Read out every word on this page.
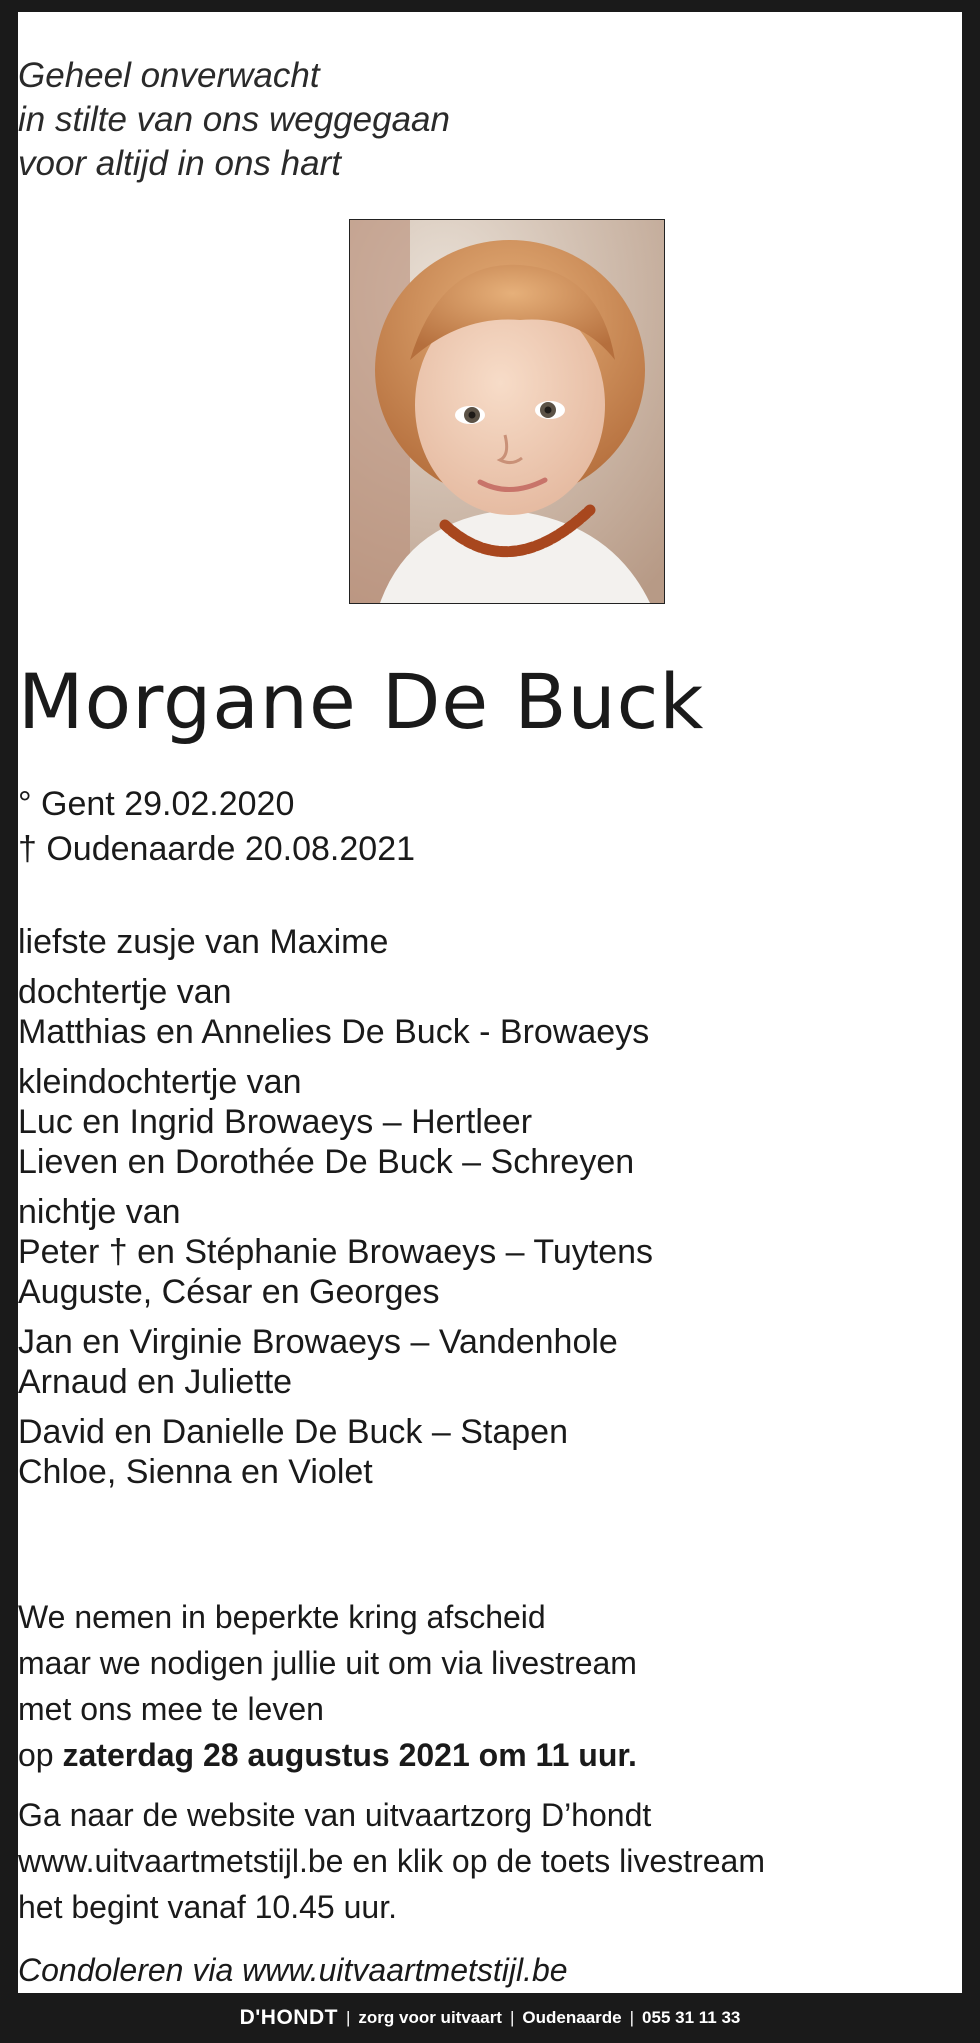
Geheel onverwacht
in stilte van ons weggegaan
voor altijd in ons hart
Morgane De Buck
° Gent 29.02.2020
† Oudenaarde 20.08.2021
liefste zusje van Maxime
dochtertje van
Matthias en Annelies De Buck - Browaeys
kleindochtertje van
Luc en Ingrid Browaeys – Hertleer
Lieven en Dorothée De Buck – Schreyen
nichtje van
Peter † en Stéphanie Browaeys – Tuytens
Auguste, César en Georges
Jan en Virginie Browaeys – Vandenhole
Arnaud en Juliette
David en Danielle De Buck – Stapen
Chloe, Sienna en Violet
We nemen in beperkte kring afscheid
maar we nodigen jullie uit om via livestream
met ons mee te leven
op zaterdag 28 augustus 2021 om 11 uur.
Ga naar de website van uitvaartzorg D’hondt
www.uitvaartmetstijl.be en klik op de toets livestream
het begint vanaf 10.45 uur.
Condoleren via www.uitvaartmetstijl.be
D'HONDT | zorg voor uitvaart | Oudenaarde | 055 31 11 33
